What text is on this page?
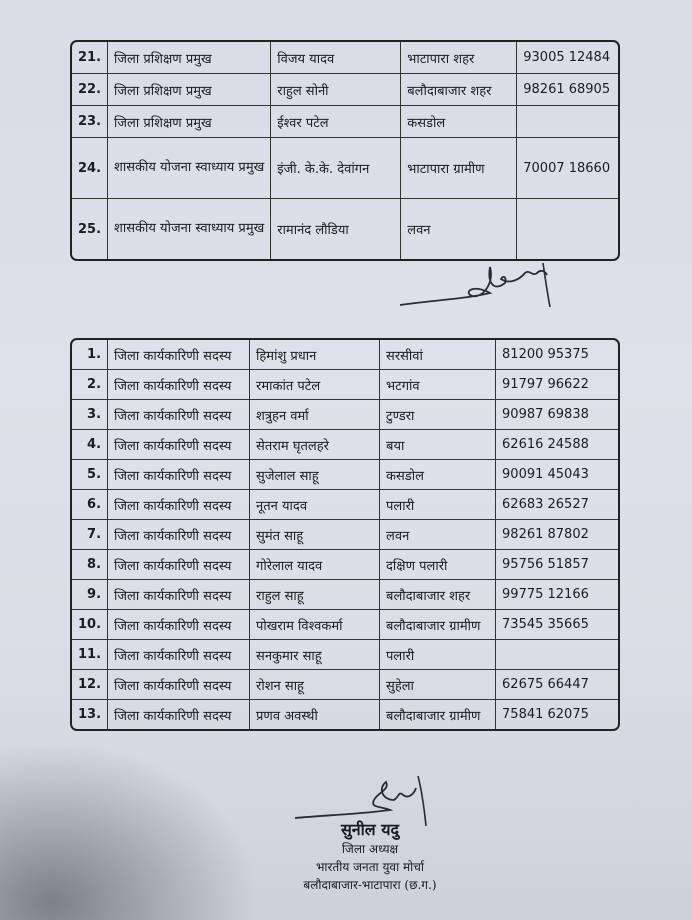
21.	जिला प्रशिक्षण प्रमुख	विजय यादव	भाटापारा शहर	93005 12484
22.	जिला प्रशिक्षण प्रमुख	राहुल सोनी	बलौदाबाजार शहर	98261 68905
23.	जिला प्रशिक्षण प्रमुख	ईश्वर पटेल	कसडोल	
24.	शासकीय योजना स्वाध्याय प्रमुख	इंजी. के.के. देवांगन	भाटापारा ग्रामीण	70007 18660
25.	शासकीय योजना स्वाध्याय प्रमुख	रामानंद लौडिया	लवन	
1.	जिला कार्यकारिणी सदस्य	हिमांशु प्रधान	सरसीवां	81200 95375
2.	जिला कार्यकारिणी सदस्य	रमाकांत पटेल	भटगांव	91797 96622
3.	जिला कार्यकारिणी सदस्य	शत्रुहन वर्मा	टुण्डरा	90987 69838
4.	जिला कार्यकारिणी सदस्य	सेतराम घृतलहरे	बया	62616 24588
5.	जिला कार्यकारिणी सदस्य	सुजेलाल साहू	कसडोल	90091 45043
6.	जिला कार्यकारिणी सदस्य	नूतन यादव	पलारी	62683 26527
7.	जिला कार्यकारिणी सदस्य	सुमंत साहू	लवन	98261 87802
8.	जिला कार्यकारिणी सदस्य	गोरेलाल यादव	दक्षिण पलारी	95756 51857
9.	जिला कार्यकारिणी सदस्य	राहुल साहू	बलौदाबाजार शहर	99775 12166
10.	जिला कार्यकारिणी सदस्य	पोखराम विश्वकर्मा	बलौदाबाजार ग्रामीण	73545 35665
11.	जिला कार्यकारिणी सदस्य	सनकुमार साहू	पलारी	
12.	जिला कार्यकारिणी सदस्य	रोशन साहू	सुहेला	62675 66447
13.	जिला कार्यकारिणी सदस्य	प्रणव अवस्थी	बलौदाबाजार ग्रामीण	75841 62075
सुनील यदु
जिला अध्यक्ष
भारतीय जनता युवा मोर्चा
बलौदाबाजार-भाटापारा (छ.ग.)
